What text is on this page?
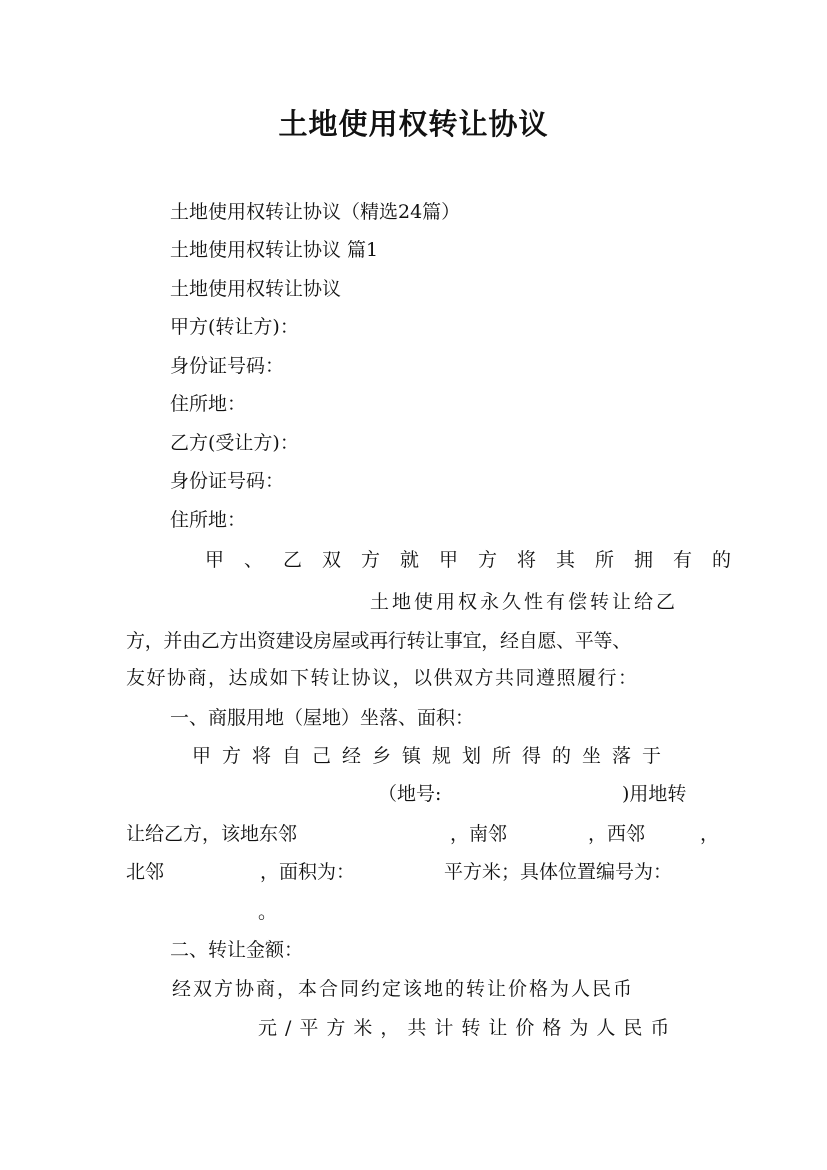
土地使用权转让协议
土地使用权转让协议（精选24篇）
土地使用权转让协议 篇1
土地使用权转让协议
甲方(转让方)：
身份证号码：
住所地：
乙方(受让方)：
身份证号码：
住所地：
甲、乙双方就甲方将其所拥有的
土地使用权永久性有偿转让给乙
方，并由乙方出资建设房屋或再行转让事宜，经自愿、平等、
友好协商，达成如下转让协议，以供双方共同遵照履行：
一、商服用地（屋地）坐落、面积：
甲方将自己经乡镇规划所得的坐落于
（地号:	)用地转
让给乙方，该地东邻	，南邻	，西邻	，
北邻	，面积为：	平方米；具体位置编号为：
。
二、转让金额：
经双方协商，本合同约定该地的转让价格为人民币
元/平方米，共计转让价格为人民币
